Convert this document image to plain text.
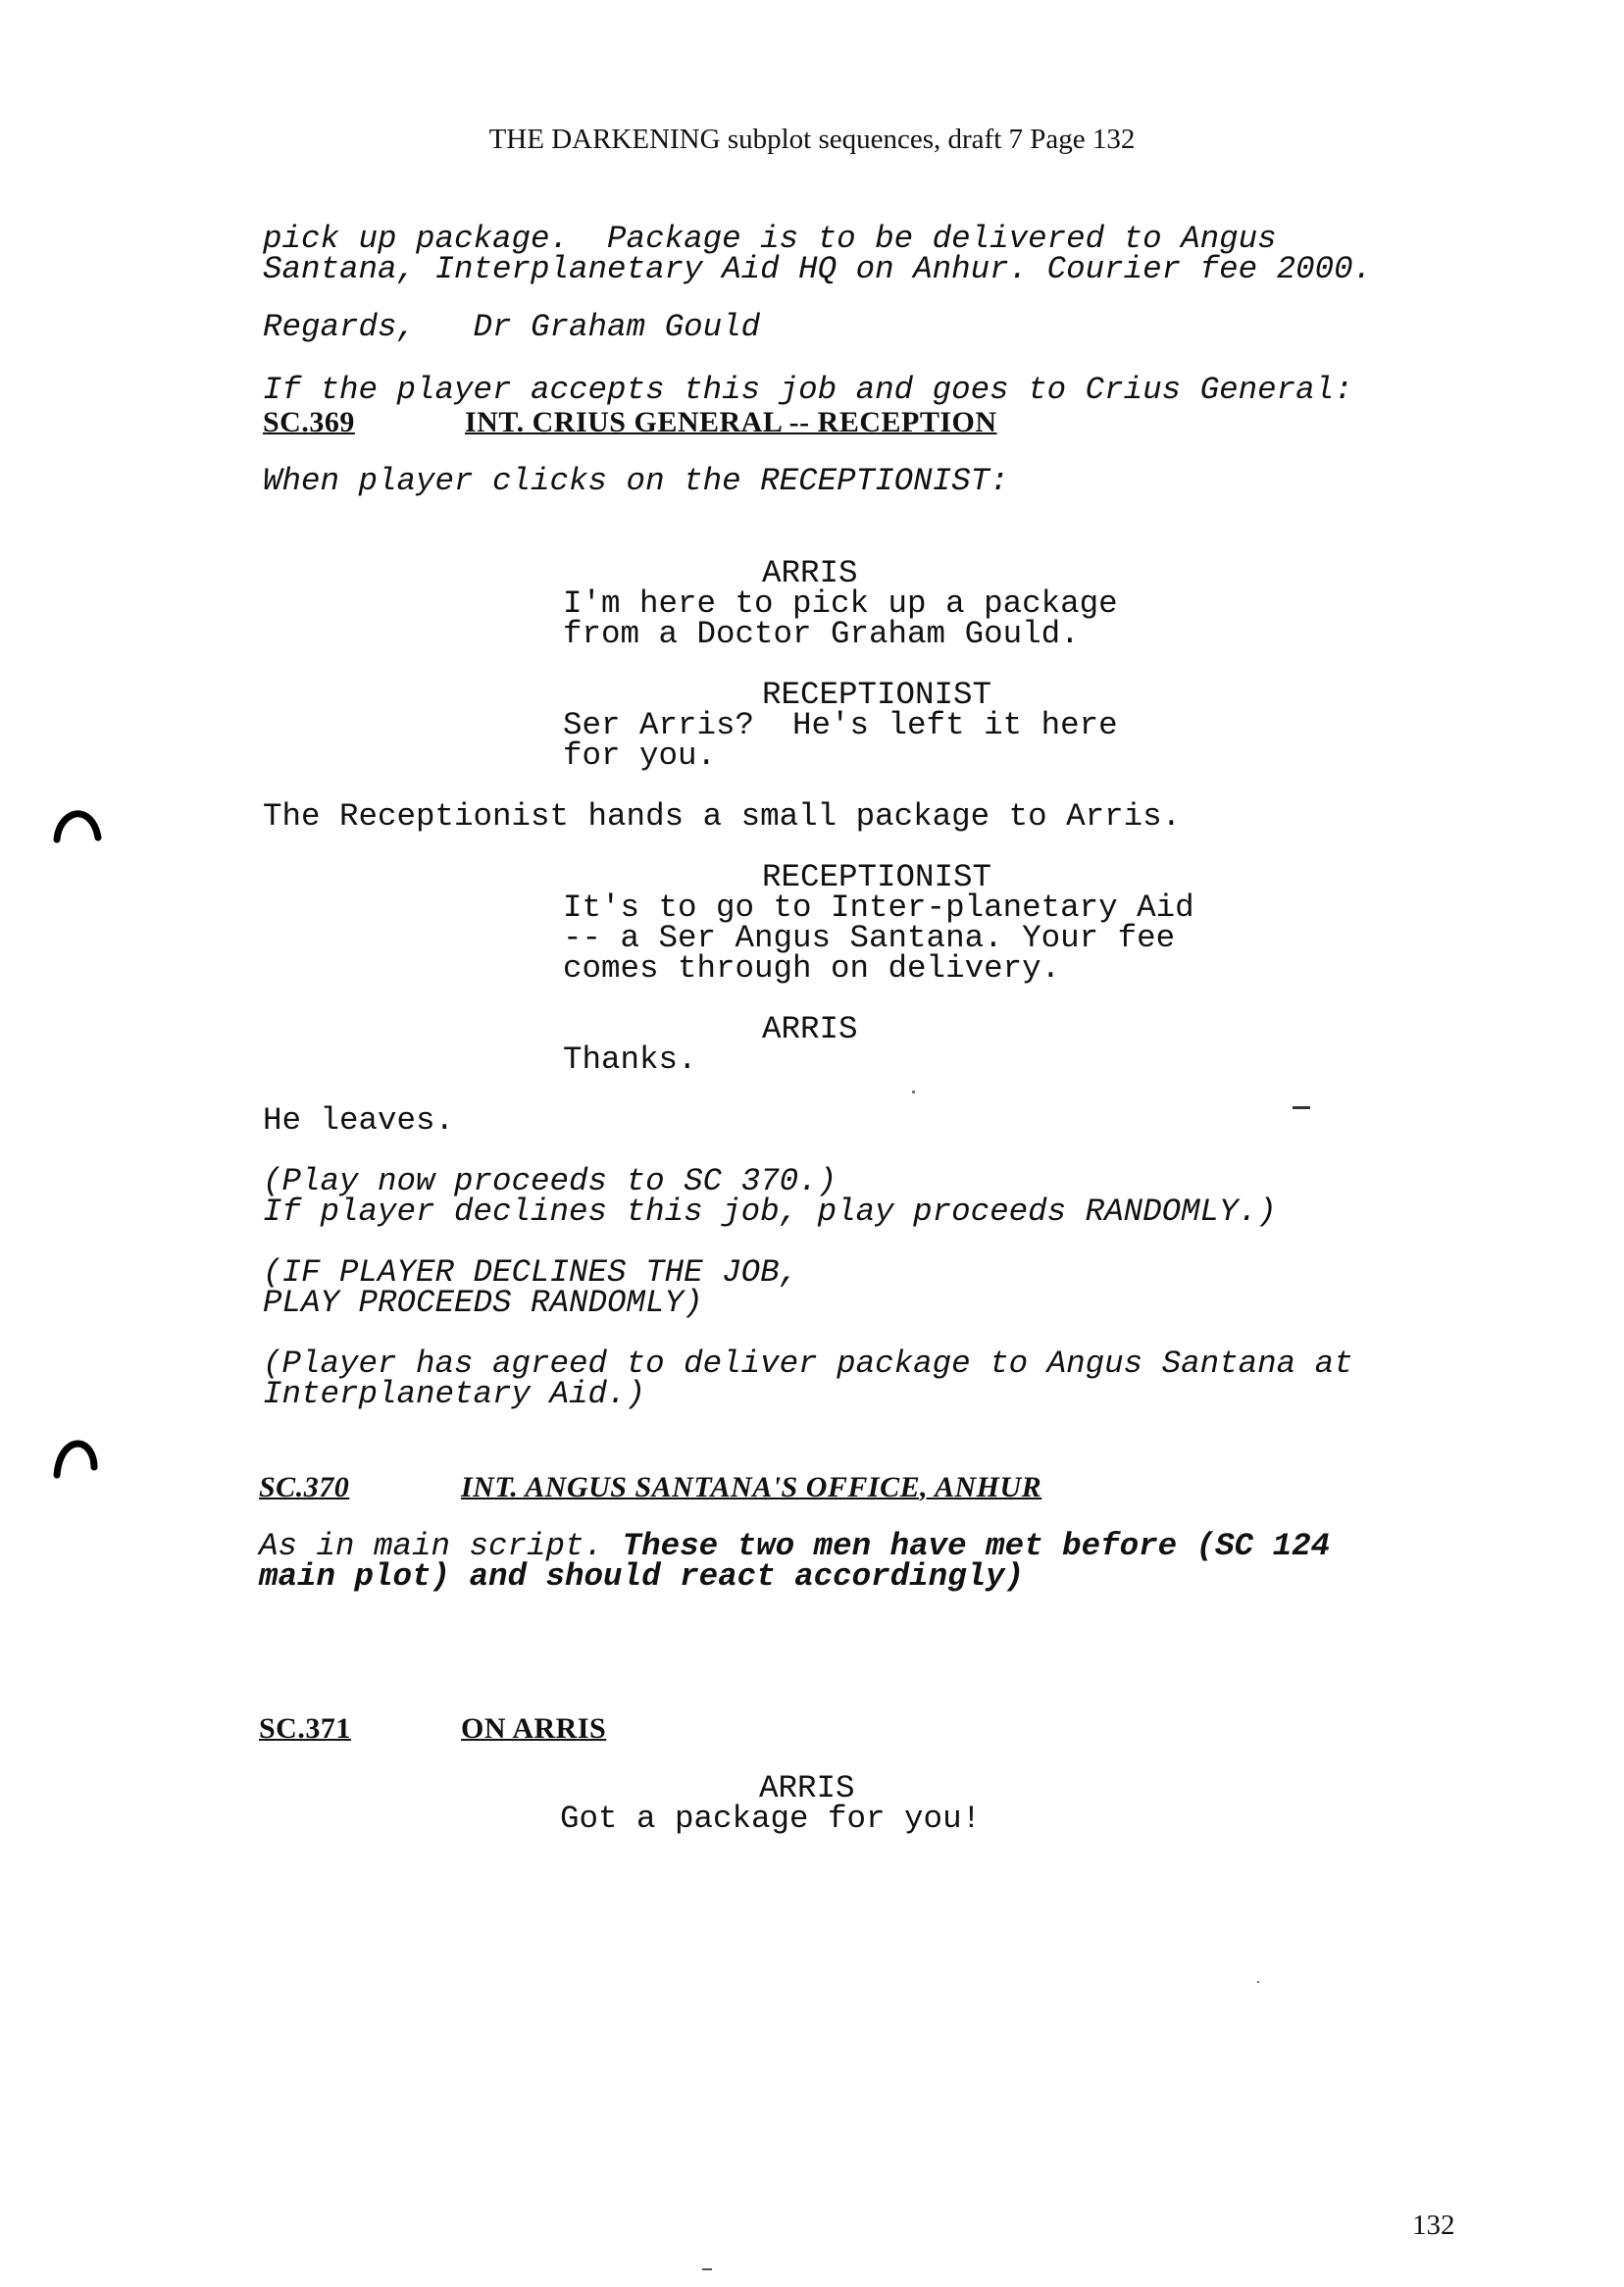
THE DARKENING subplot sequences, draft 7 Page 132
pick up package.  Package is to be delivered to Angus
Santana, Interplanetary Aid HQ on Anhur. Courier fee 2000.
Regards,   Dr Graham Gould
If the player accepts this job and goes to Crius General:
SC.369	INT. CRIUS GENERAL -- RECEPTION
When player clicks on the RECEPTIONIST:
ARRIS
I'm here to pick up a package
from a Doctor Graham Gould.
RECEPTIONIST
Ser Arris?  He's left it here
for you.
The Receptionist hands a small package to Arris.
RECEPTIONIST
It's to go to Inter-planetary Aid
-- a Ser Angus Santana. Your fee
comes through on delivery.
ARRIS
Thanks.
He leaves.
(Play now proceeds to SC 370.)
If player declines this job, play proceeds RANDOMLY.)
(IF PLAYER DECLINES THE JOB,
PLAY PROCEEDS RANDOMLY)
(Player has agreed to deliver package to Angus Santana at
Interplanetary Aid.)
SC.370	INT. ANGUS SANTANA'S OFFICE, ANHUR
As in main script. These two men have met before (SC 124
main plot) and should react accordingly)
SC.371	ON ARRIS
ARRIS
Got a package for you!
132
